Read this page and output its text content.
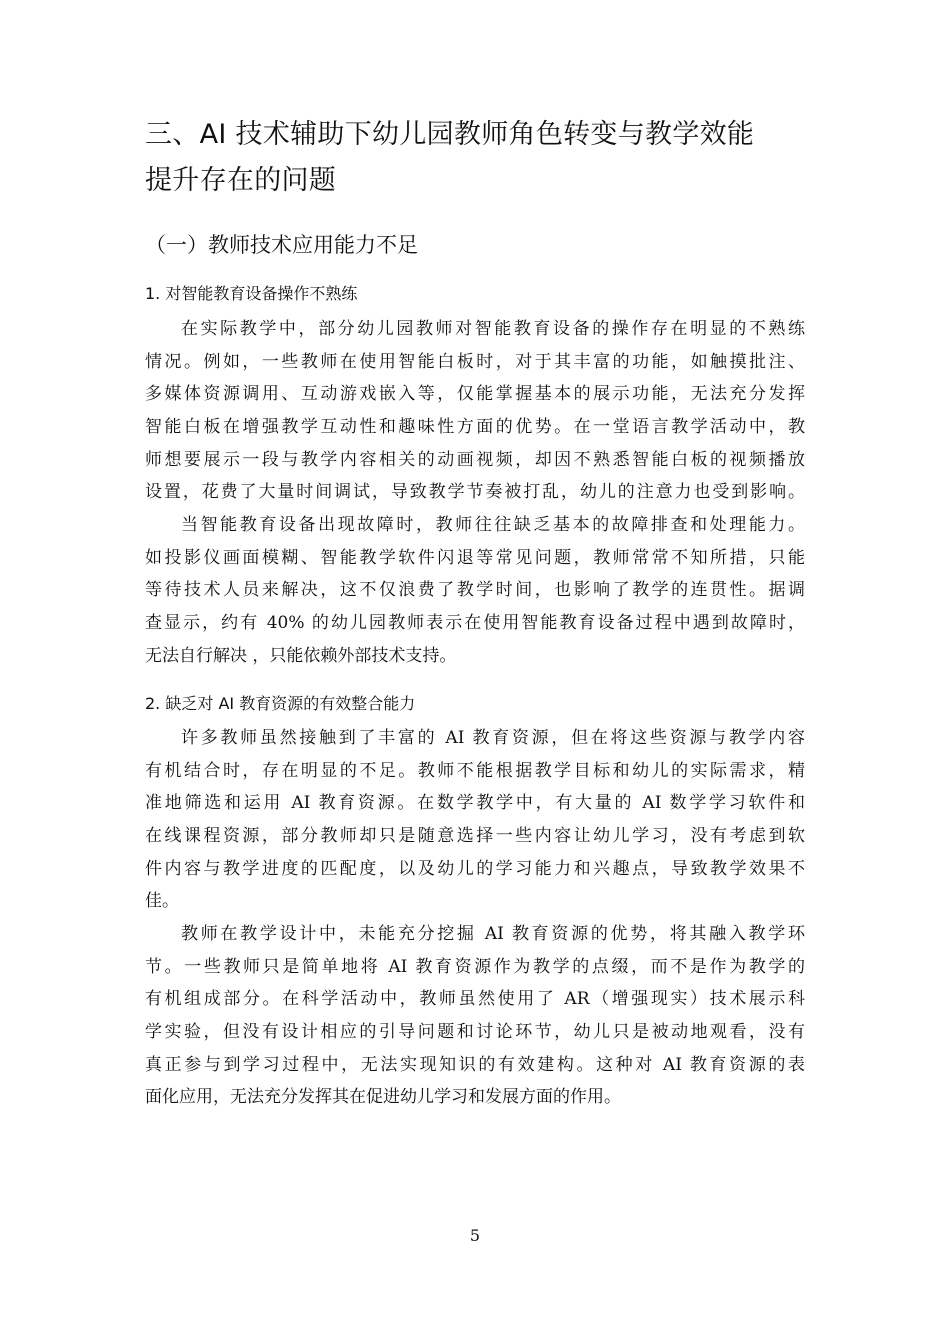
三、AI 技术辅助下幼儿园教师角色转变与教学效能
提升存在的问题
（一）教师技术应用能力不足
1. 对智能教育设备操作不熟练
在实际教学中，部分幼儿园教师对智能教育设备的操作存在明显的不熟练
情况。例如，一些教师在使用智能白板时，对于其丰富的功能，如触摸批注、
多媒体资源调用、互动游戏嵌入等，仅能掌握基本的展示功能，无法充分发挥
智能白板在增强教学互动性和趣味性方面的优势。在一堂语言教学活动中，教
师想要展示一段与教学内容相关的动画视频，却因不熟悉智能白板的视频播放
设置，花费了大量时间调试，导致教学节奏被打乱，幼儿的注意力也受到影响。
当智能教育设备出现故障时，教师往往缺乏基本的故障排查和处理能力。
如投影仪画面模糊、智能教学软件闪退等常见问题，教师常常不知所措，只能
等待技术人员来解决，这不仅浪费了教学时间，也影响了教学的连贯性。据调
查显示，约有 40% 的幼儿园教师表示在使用智能教育设备过程中遇到故障时，
无法自行解决 ，只能依赖外部技术支持。
2. 缺乏对 AI 教育资源的有效整合能力
许多教师虽然接触到了丰富的 AI 教育资源，但在将这些资源与教学内容
有机结合时，存在明显的不足。教师不能根据教学目标和幼儿的实际需求，精
准地筛选和运用 AI 教育资源。在数学教学中，有大量的 AI 数学学习软件和
在线课程资源，部分教师却只是随意选择一些内容让幼儿学习，没有考虑到软
件内容与教学进度的匹配度，以及幼儿的学习能力和兴趣点，导致教学效果不
佳。
教师在教学设计中，未能充分挖掘 AI 教育资源的优势，将其融入教学环
节。一些教师只是简单地将 AI 教育资源作为教学的点缀，而不是作为教学的
有机组成部分。在科学活动中，教师虽然使用了 AR（增强现实）技术展示科
学实验，但没有设计相应的引导问题和讨论环节，幼儿只是被动地观看，没有
真正参与到学习过程中，无法实现知识的有效建构。这种对 AI 教育资源的表
面化应用，无法充分发挥其在促进幼儿学习和发展方面的作用。
5
